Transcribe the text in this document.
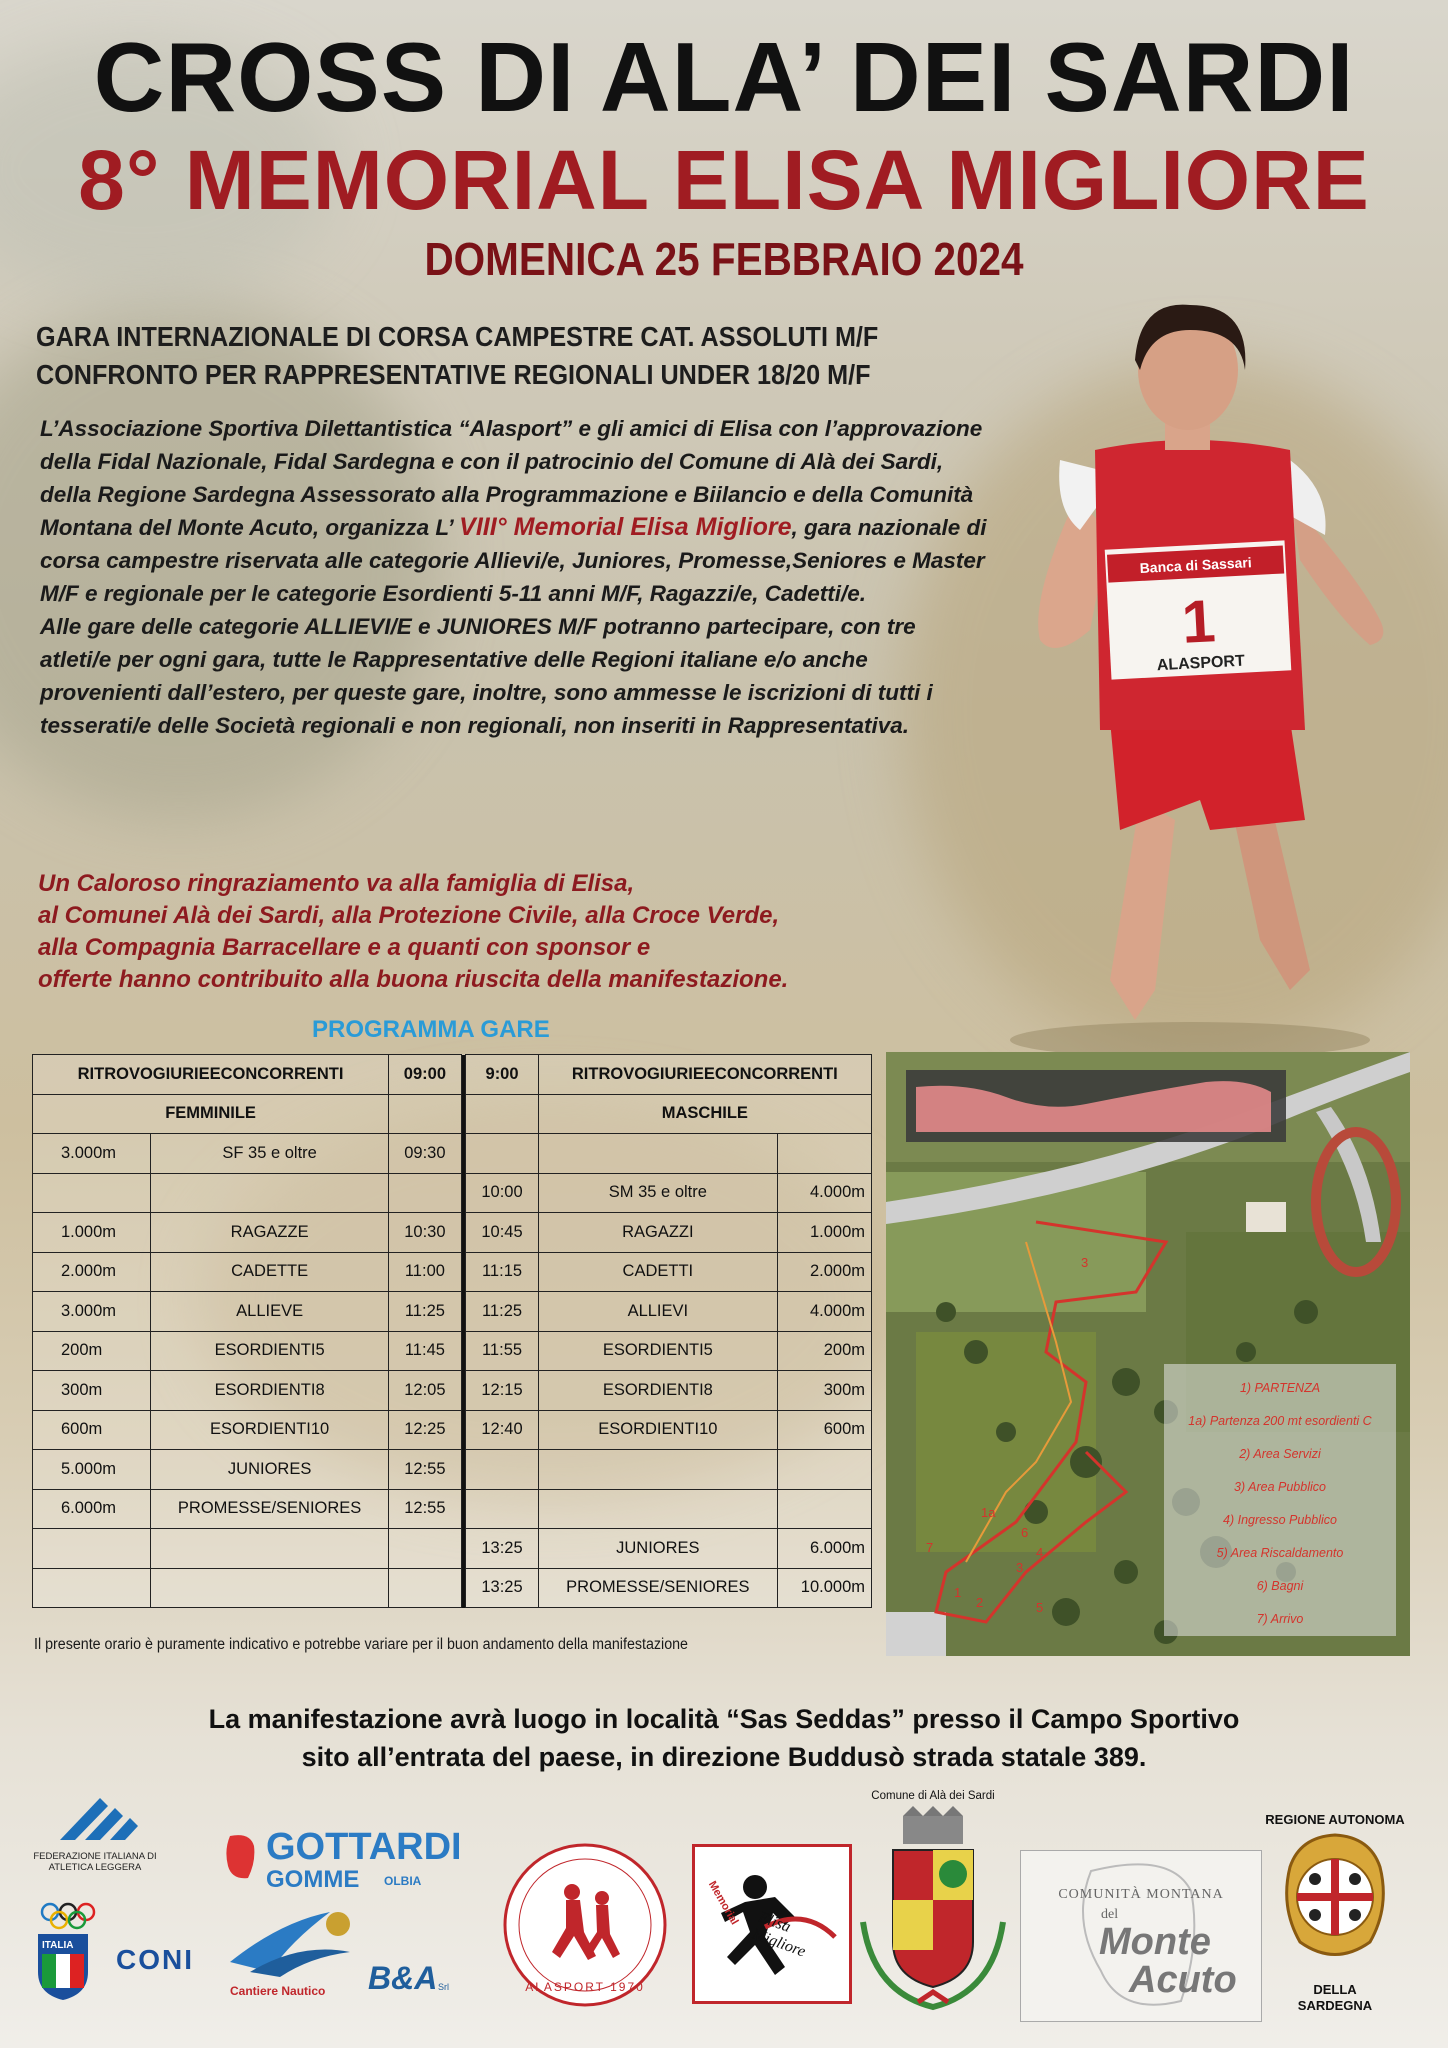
Banca di Sassari
1
ALASPORT
CROSS DI ALA’ DEI SARDI
8° MEMORIAL ELISA MIGLIORE
DOMENICA 25 FEBBRAIO 2024
GARA INTERNAZIONALE DI CORSA CAMPESTRE CAT. ASSOLUTI M/F
CONFRONTO PER RAPPRESENTATIVE REGIONALI UNDER 18/20 M/F
L’Associazione Sportiva Dilettantistica “Alasport” e gli amici di Elisa con l’approvazione della Fidal Nazionale, Fidal Sardegna e con il patrocinio del Comune di Alà dei Sardi, della Regione Sardegna Assessorato alla Programmazione e Biilancio e della Comunità Montana del Monte Acuto, organizza L’ VIII° Memorial Elisa Migliore, gara nazionale di corsa campestre riservata alle categorie Allievi/e, Juniores, Promesse,Seniores e Master M/F e regionale per le categorie Esordienti 5-11 anni M/F, Ragazzi/e, Cadetti/e.
Alle gare delle categorie ALLIEVI/E e JUNIORES M/F potranno partecipare, con tre atleti/e per ogni gara, tutte le Rappresentative delle Regioni italiane e/o anche provenienti dall’estero, per queste gare, inoltre, sono ammesse le iscrizioni di tutti i tesserati/e delle Società regionali e non regionali, non inseriti in Rappresentativa.
Un Caloroso ringraziamento va alla famiglia di Elisa,
al Comunei Alà dei Sardi, alla Protezione Civile, alla Croce Verde,
alla Compagnia Barracellare e a quanti con sponsor e
offerte hanno contribuito alla buona riuscita della manifestazione.
PROGRAMMA GARE
RITROVOGIURIEECONCORRENTI		09:00		9:00	RITROVOGIURIEECONCORRENTI	
FEMMINILE					MASCHILE	
3.000m	SF 35 e oltre	09:30				
				10:00	SM 35 e oltre	4.000m
1.000m	RAGAZZE	10:30		10:45	RAGAZZI	1.000m
2.000m	CADETTE	11:00		11:15	CADETTI	2.000m
3.000m	ALLIEVE	11:25		11:25	ALLIEVI	4.000m
200m	ESORDIENTI5	11:45		11:55	ESORDIENTI5	200m
300m	ESORDIENTI8	12:05		12:15	ESORDIENTI8	300m
600m	ESORDIENTI10	12:25		12:40	ESORDIENTI10	600m
5.000m	JUNIORES	12:55				
6.000m	PROMESSE/SENIORES	12:55				
				13:25	JUNIORES	6.000m
				13:25	PROMESSE/SENIORES	10.000m
Il presente orario è puramente indicativo e potrebbe variare per il buon andamento della manifestazione
1
2
3
3
4
5
6
7
1a
1) PARTENZA
1a) Partenza 200 mt esordienti C
2) Area Servizi
3) Area Pubblico
4) Ingresso Pubblico
5) Area Riscaldamento
6) Bagni
7) Arrivo
La manifestazione avrà luogo in località “Sas Seddas” presso il Campo Sportivo
sito all’entrata del paese, in direzione Buddusò strada statale 389.
FEDERAZIONE ITALIANA DI ATLETICA LEGGERA
ITALIA CONI
GOTTARDI
GOMME OLBIA
Cantiere Nautico B&A Srl	ALASPORT 1970
Memorial Elisa Migliore
Comune di Alà dei Sardi
COMUNITÀ MONTANA
del
Monte
Acuto
REGIONE AUTONOMA
DELLA
SARDEGNA
